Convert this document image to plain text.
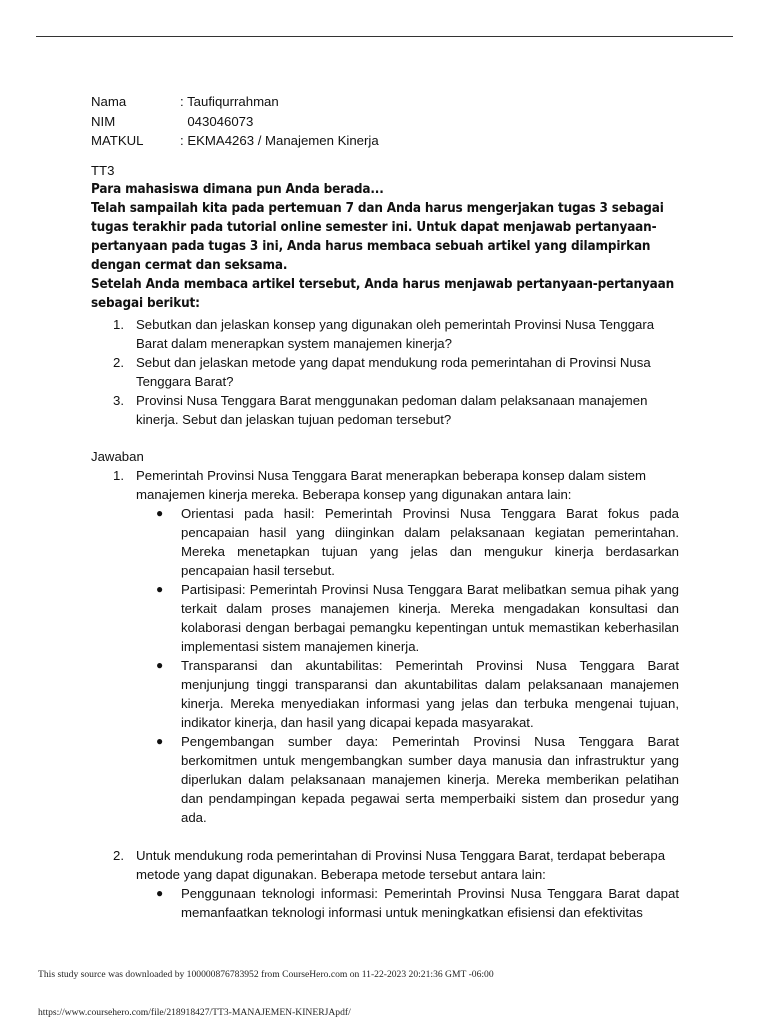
Nama	: Taufiqurrahman
NIM	043046073
MATKUL	: EKMA4263 / Manajemen Kinerja
TT3
Para mahasiswa dimana pun Anda berada...
Telah sampailah kita pada pertemuan 7 dan Anda harus mengerjakan tugas 3 sebagai tugas terakhir pada tutorial online semester ini. Untuk dapat menjawab pertanyaan-pertanyaan pada tugas 3 ini, Anda harus membaca sebuah artikel yang dilampirkan dengan cermat dan seksama.
Setelah Anda membaca artikel tersebut, Anda harus menjawab pertanyaan-pertanyaan sebagai berikut:
1. Sebutkan dan jelaskan konsep yang digunakan oleh pemerintah Provinsi Nusa Tenggara Barat dalam menerapkan system manajemen kinerja?
2. Sebut dan jelaskan metode yang dapat mendukung roda pemerintahan di Provinsi Nusa Tenggara Barat?
3. Provinsi Nusa Tenggara Barat menggunakan pedoman dalam pelaksanaan manajemen kinerja. Sebut dan jelaskan tujuan pedoman tersebut?
Jawaban
1. Pemerintah Provinsi Nusa Tenggara Barat menerapkan beberapa konsep dalam sistem manajemen kinerja mereka. Beberapa konsep yang digunakan antara lain:
●	Orientasi pada hasil: Pemerintah Provinsi Nusa Tenggara Barat fokus pada pencapaian hasil yang diinginkan dalam pelaksanaan kegiatan pemerintahan. Mereka menetapkan tujuan yang jelas dan mengukur kinerja berdasarkan pencapaian hasil tersebut.
●	Partisipasi: Pemerintah Provinsi Nusa Tenggara Barat melibatkan semua pihak yang terkait dalam proses manajemen kinerja. Mereka mengadakan konsultasi dan kolaborasi dengan berbagai pemangku kepentingan untuk memastikan keberhasilan implementasi sistem manajemen kinerja.
●	Transparansi dan akuntabilitas: Pemerintah Provinsi Nusa Tenggara Barat menjunjung tinggi transparansi dan akuntabilitas dalam pelaksanaan manajemen kinerja. Mereka menyediakan informasi yang jelas dan terbuka mengenai tujuan, indikator kinerja, dan hasil yang dicapai kepada masyarakat.
●	Pengembangan sumber daya: Pemerintah Provinsi Nusa Tenggara Barat berkomitmen untuk mengembangkan sumber daya manusia dan infrastruktur yang diperlukan dalam pelaksanaan manajemen kinerja. Mereka memberikan pelatihan dan pendampingan kepada pegawai serta memperbaiki sistem dan prosedur yang ada.
2. Untuk mendukung roda pemerintahan di Provinsi Nusa Tenggara Barat, terdapat beberapa metode yang dapat digunakan. Beberapa metode tersebut antara lain:
●	Penggunaan teknologi informasi: Pemerintah Provinsi Nusa Tenggara Barat dapat memanfaatkan teknologi informasi untuk meningkatkan efisiensi dan efektivitas
This study source was downloaded by 100000876783952 from CourseHero.com on 11-22-2023 20:21:36 GMT -06:00
https://www.coursehero.com/file/218918427/TT3-MANAJEMEN-KINERJApdf/
